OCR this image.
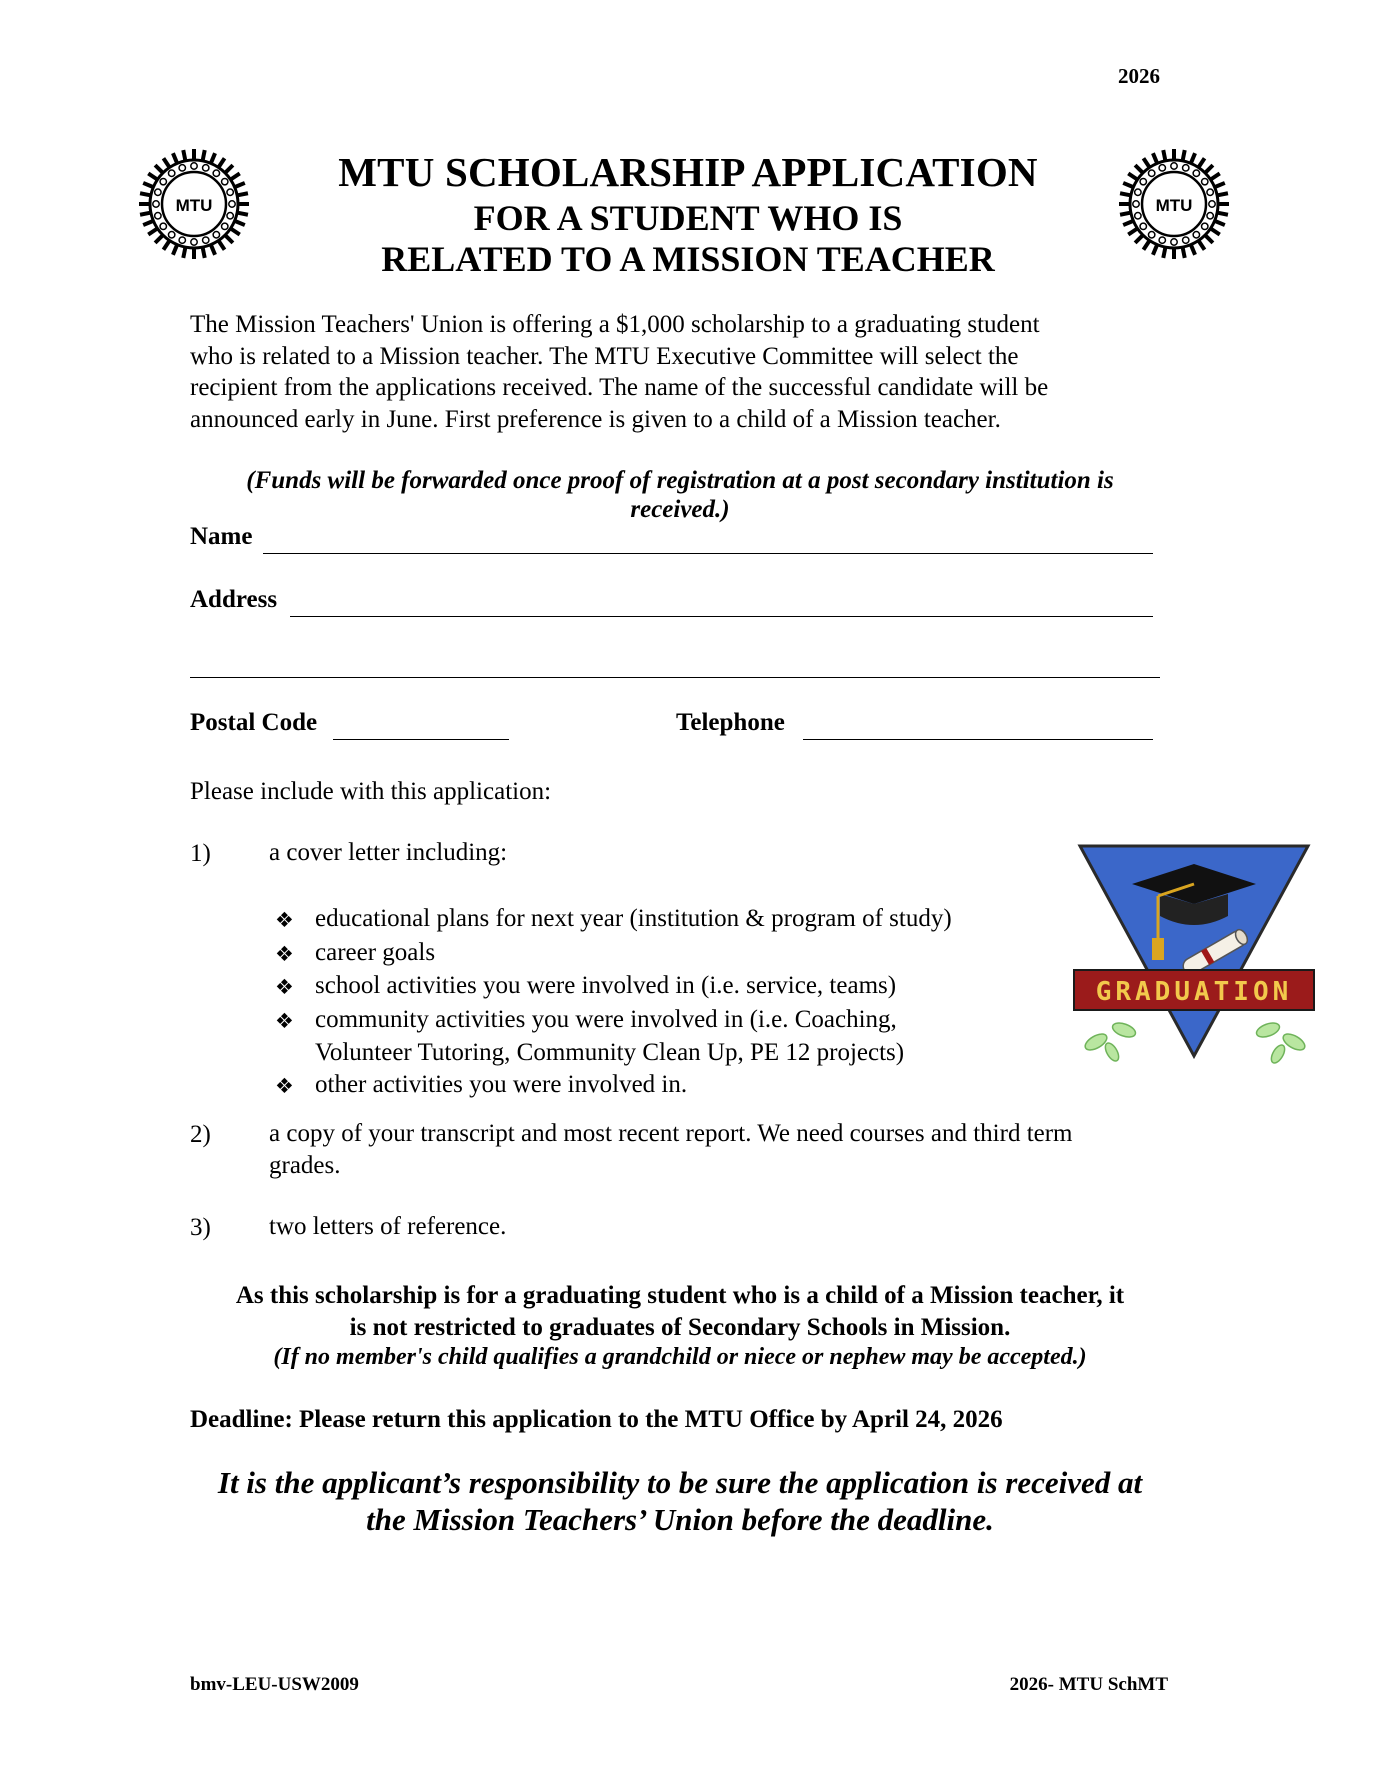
2026
MTU
MTU SCHOLARSHIP APPLICATION
FOR A STUDENT WHO IS
RELATED TO A MISSION TEACHER
MTU
The Mission Teachers' Union is offering a $1,000 scholarship to a graduating student
who is related to a Mission teacher. The MTU Executive Committee will select the
recipient from the applications received. The name of the successful candidate will be
announced early in June. First preference is given to a child of a Mission teacher.
(Funds will be forwarded once proof of registration at a post secondary institution is
received.)
Name
Address
Postal Code	Telephone
Please include with this application:
1) a cover letter including:
❖ educational plans for next year (institution & program of study)
❖ career goals
❖ school activities you were involved in (i.e. service, teams)
❖ community activities you were involved in (i.e. Coaching,
Volunteer Tutoring, Community Clean Up, PE 12 projects)
❖ other activities you were involved in.
2) a copy of your transcript and most recent report. We need courses and third term
grades.
3) two letters of reference.
GRADUATION
As this scholarship is for a graduating student who is a child of a Mission teacher, it
is not restricted to graduates of Secondary Schools in Mission.
(If no member's child qualifies a grandchild or niece or nephew may be accepted.)
Deadline: Please return this application to the MTU Office by April 24, 2026
It is the applicant’s responsibility to be sure the application is received at
the Mission Teachers’ Union before the deadline.
bmv-LEU-USW2009	2026- MTU SchMT
